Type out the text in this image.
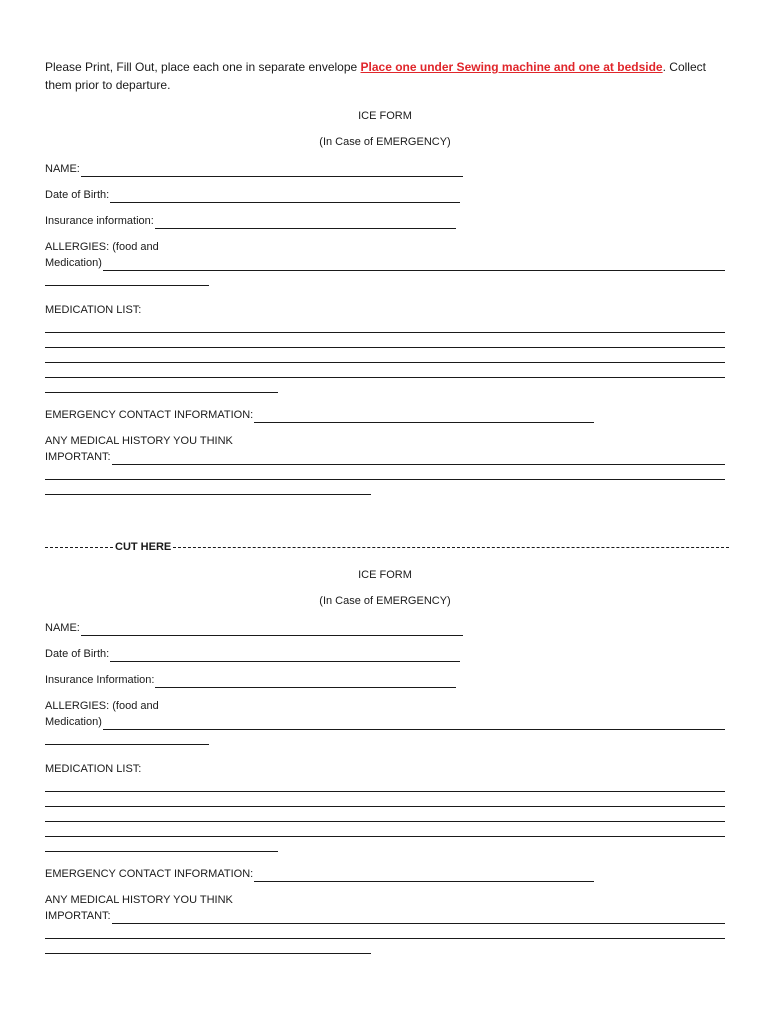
Please Print, Fill Out, place each one in separate envelope Place one under Sewing machine and one at bedside. Collect them prior to departure.

ICE FORM

(In Case of EMERGENCY)

NAME:
Date of Birth:
Insurance information:

ALLERGIES: (food and

Medication)

MEDICATION LIST:

EMERGENCY CONTACT INFORMATION:

ANY MEDICAL HISTORY YOU THINK

IMPORTANT:
CUT HERE

ICE FORM

(In Case of EMERGENCY)

NAME:
Date of Birth:
Insurance Information:

ALLERGIES: (food and

Medication)

MEDICATION LIST:

EMERGENCY CONTACT INFORMATION:

ANY MEDICAL HISTORY YOU THINK

IMPORTANT:
